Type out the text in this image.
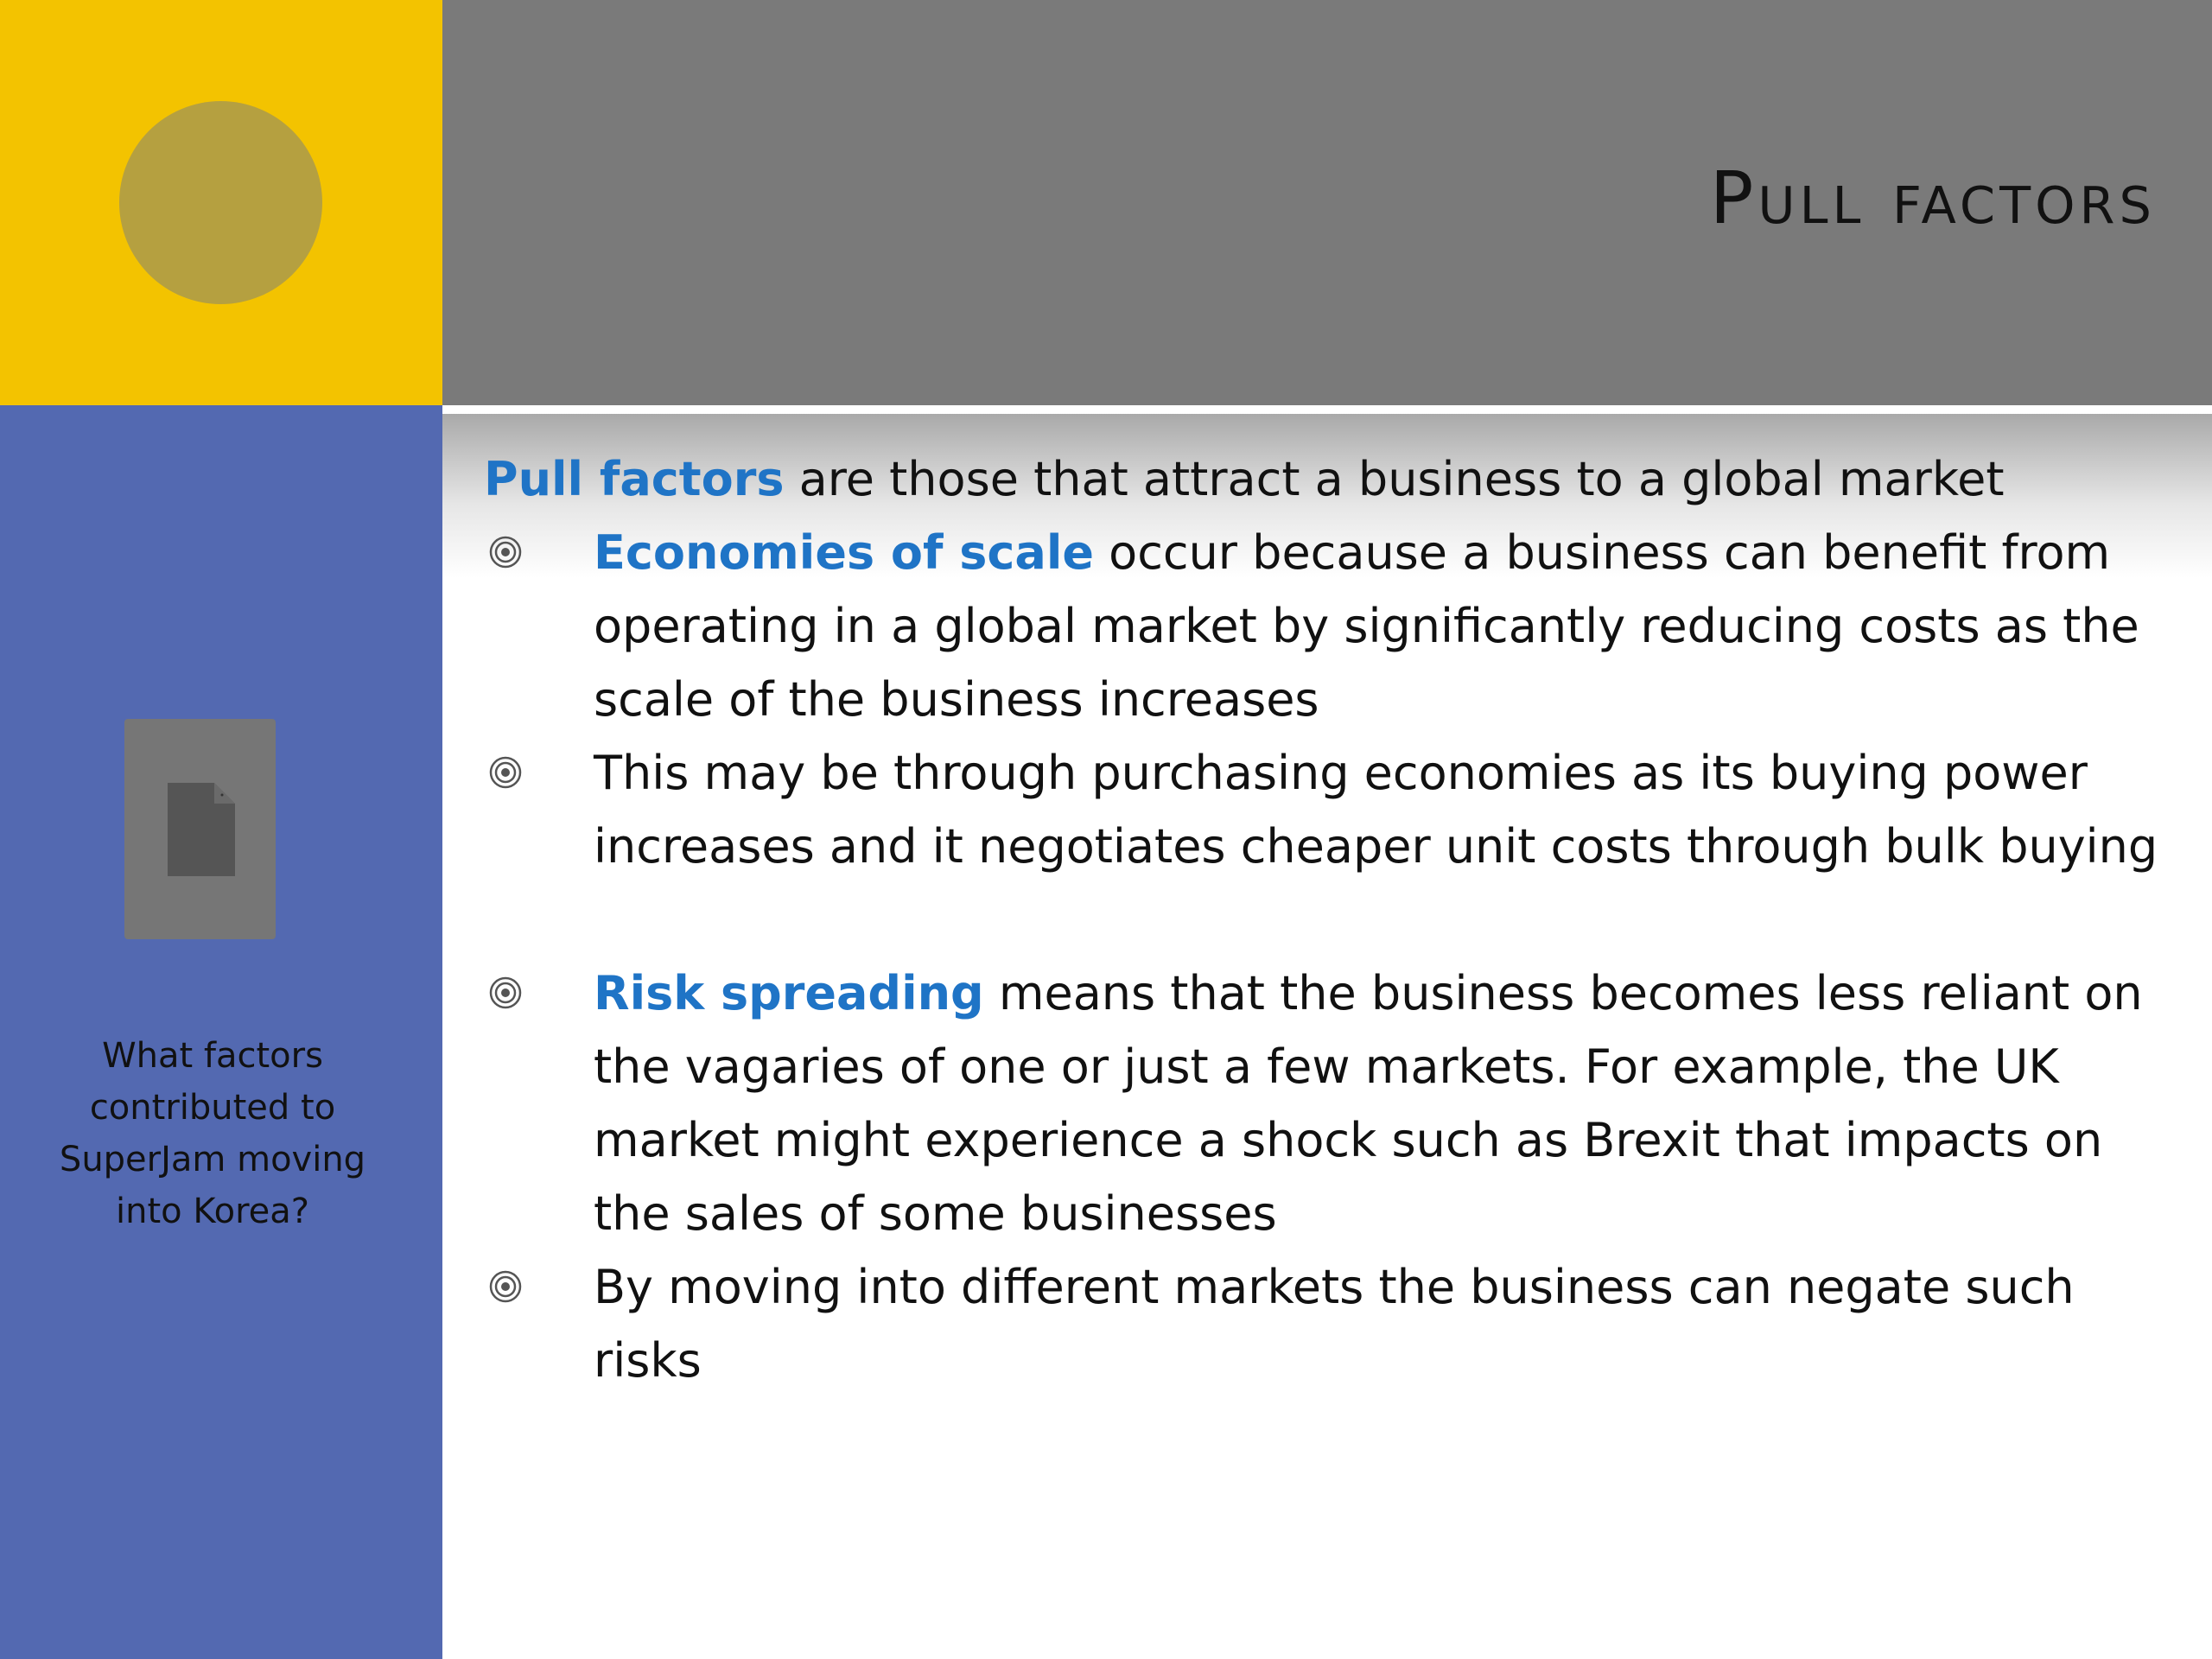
Pull factors
What factors contributed to SuperJam moving into Korea?
Pull factors are those that attract a business to a global market
Economies of scale occur because a business can benefit from operating in a global market by significantly reducing costs as the scale of the business increases
This may be through purchasing economies as its buying power increases and it negotiates cheaper unit costs through bulk buying
Risk spreading means that the business becomes less reliant on the vagaries of one or just a few markets. For example, the UK market might experience a shock such as Brexit that impacts on the sales of some businesses
By moving into different markets the business can negate such risks
